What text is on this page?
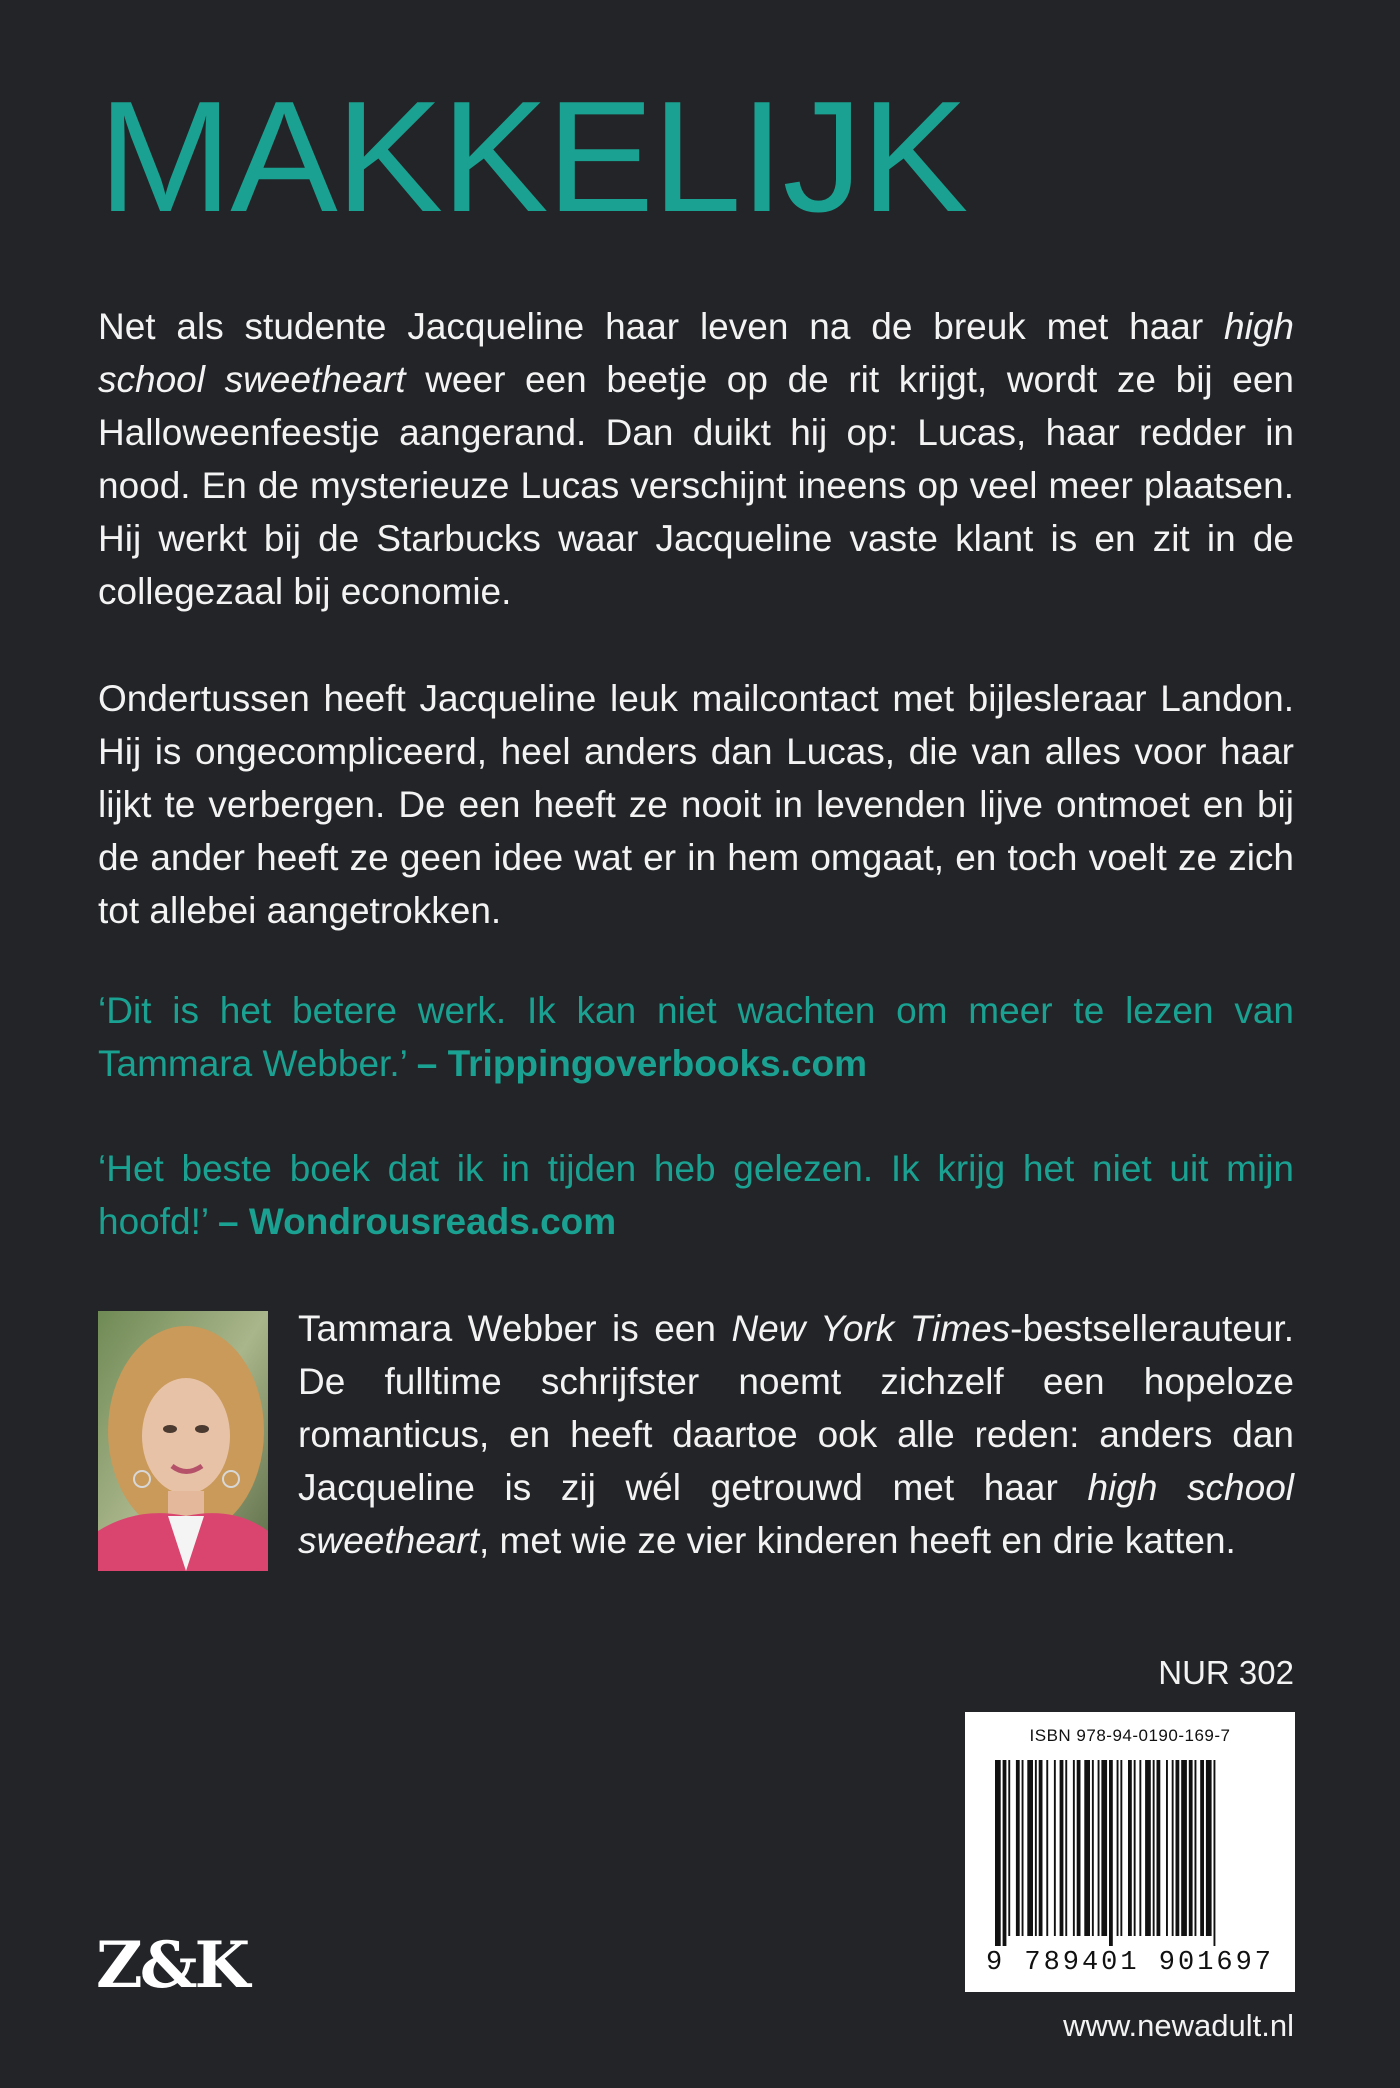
MAKKELIJK
Net als studente Jacqueline haar leven na de breuk met haar high school sweetheart weer een beetje op de rit krijgt, wordt ze bij een Halloweenfeestje aangerand. Dan duikt hij op: Lucas, haar redder in nood. En de mysterieuze Lucas verschijnt ineens op veel meer plaatsen. Hij werkt bij de Starbucks waar Jacqueline vaste klant is en zit in de collegezaal bij economie.
Ondertussen heeft Jacqueline leuk mailcontact met bijlesleraar Landon. Hij is ongecompliceerd, heel anders dan Lucas, die van alles voor haar lijkt te verbergen. De een heeft ze nooit in levenden lijve ontmoet en bij de ander heeft ze geen idee wat er in hem omgaat, en toch voelt ze zich tot allebei aangetrokken.
‘Dit is het betere werk. Ik kan niet wachten om meer te lezen van Tammara Webber.’ – Trippingoverbooks.com
‘Het beste boek dat ik in tijden heb gelezen. Ik krijg het niet uit mijn hoofd!’ – Wondrousreads.com
Tammara Webber is een New York Times-bestsellerauteur. De fulltime schrijfster noemt zichzelf een hopeloze romanticus, en heeft daartoe ook alle reden: anders dan Jacqueline is zij wél getrouwd met haar high school sweetheart, met wie ze vier kinderen heeft en drie katten.
NUR 302
ISBN 978-94-0190-169-7
9 789401 901697
www.newadult.nl
Z&K
